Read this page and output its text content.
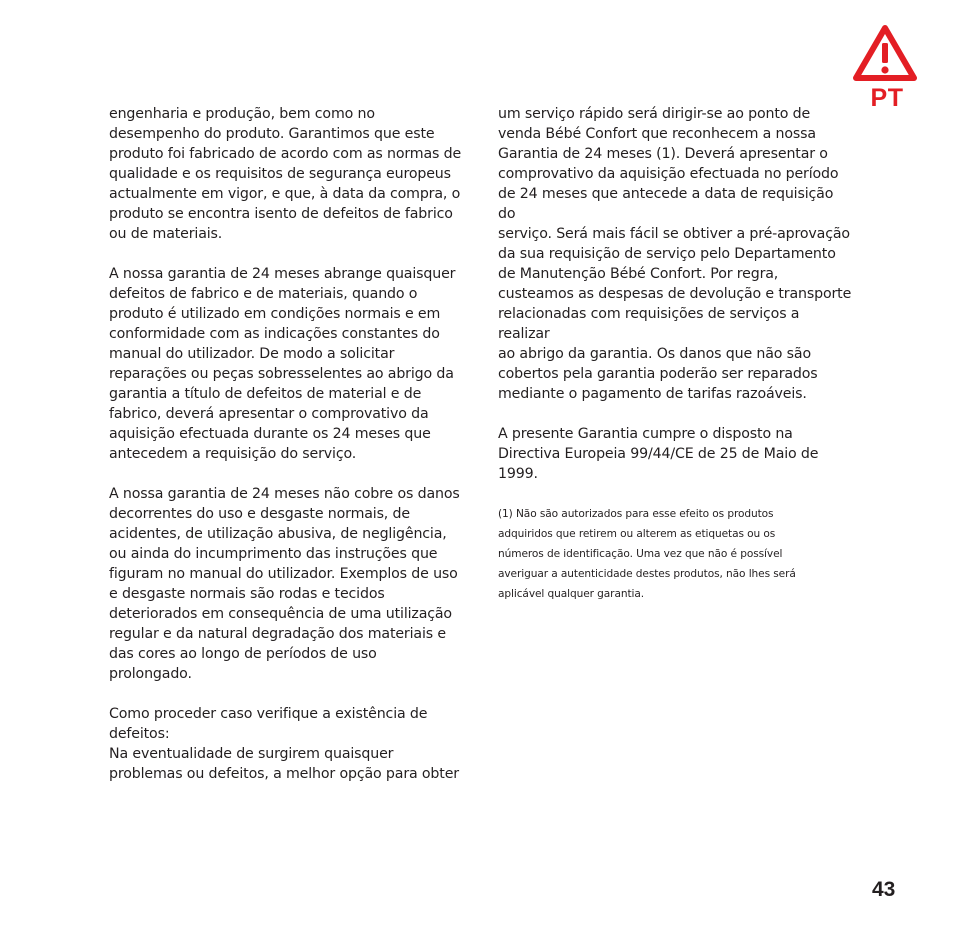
PT

engenharia e produção, bem como no
desempenho do produto. Garantimos que este
produto foi fabricado de acordo com as normas de
qualidade e os requisitos de segurança europeus
actualmente em vigor, e que, à data da compra, o
produto se encontra isento de defeitos de fabrico
ou de materiais.

A nossa garantia de 24 meses abrange quaisquer
defeitos de fabrico e de materiais, quando o
produto é utilizado em condições normais e em
conformidade com as indicações constantes do
manual do utilizador. De modo a solicitar
reparações ou peças sobresselentes ao abrigo da
garantia a título de defeitos de material e de
fabrico, deverá apresentar o comprovativo da
aquisição efectuada durante os 24 meses que
antecedem a requisição do serviço.

A nossa garantia de 24 meses não cobre os danos
decorrentes do uso e desgaste normais, de
acidentes, de utilização abusiva, de negligência,
ou ainda do incumprimento das instruções que
figuram no manual do utilizador. Exemplos de uso
e desgaste normais são rodas e tecidos
deteriorados em consequência de uma utilização
regular e da natural degradação dos materiais e
das cores ao longo de períodos de uso
prolongado.

Como proceder caso verifique a existência de
defeitos:
Na eventualidade de surgirem quaisquer
problemas ou defeitos, a melhor opção para obter

um serviço rápido será dirigir-se ao ponto de
venda Bébé Confort que reconhecem a nossa
Garantia de 24 meses (1). Deverá apresentar o
comprovativo da aquisição efectuada no período
de 24 meses que antecede a data de requisição do
serviço. Será mais fácil se obtiver a pré-aprovação
da sua requisição de serviço pelo Departamento
de Manutenção Bébé Confort. Por regra,
custeamos as despesas de devolução e transporte
relacionadas com requisições de serviços a realizar
ao abrigo da garantia. Os danos que não são
cobertos pela garantia poderão ser reparados
mediante o pagamento de tarifas razoáveis.

A presente Garantia cumpre o disposto na
Directiva Europeia 99/44/CE de 25 de Maio de
1999.

(1) Não são autorizados para esse efeito os produtos
adquiridos que retirem ou alterem as etiquetas ou os
números de identificação. Uma vez que não é possível
averiguar a autenticidade destes produtos, não lhes será
aplicável qualquer garantia.

43
